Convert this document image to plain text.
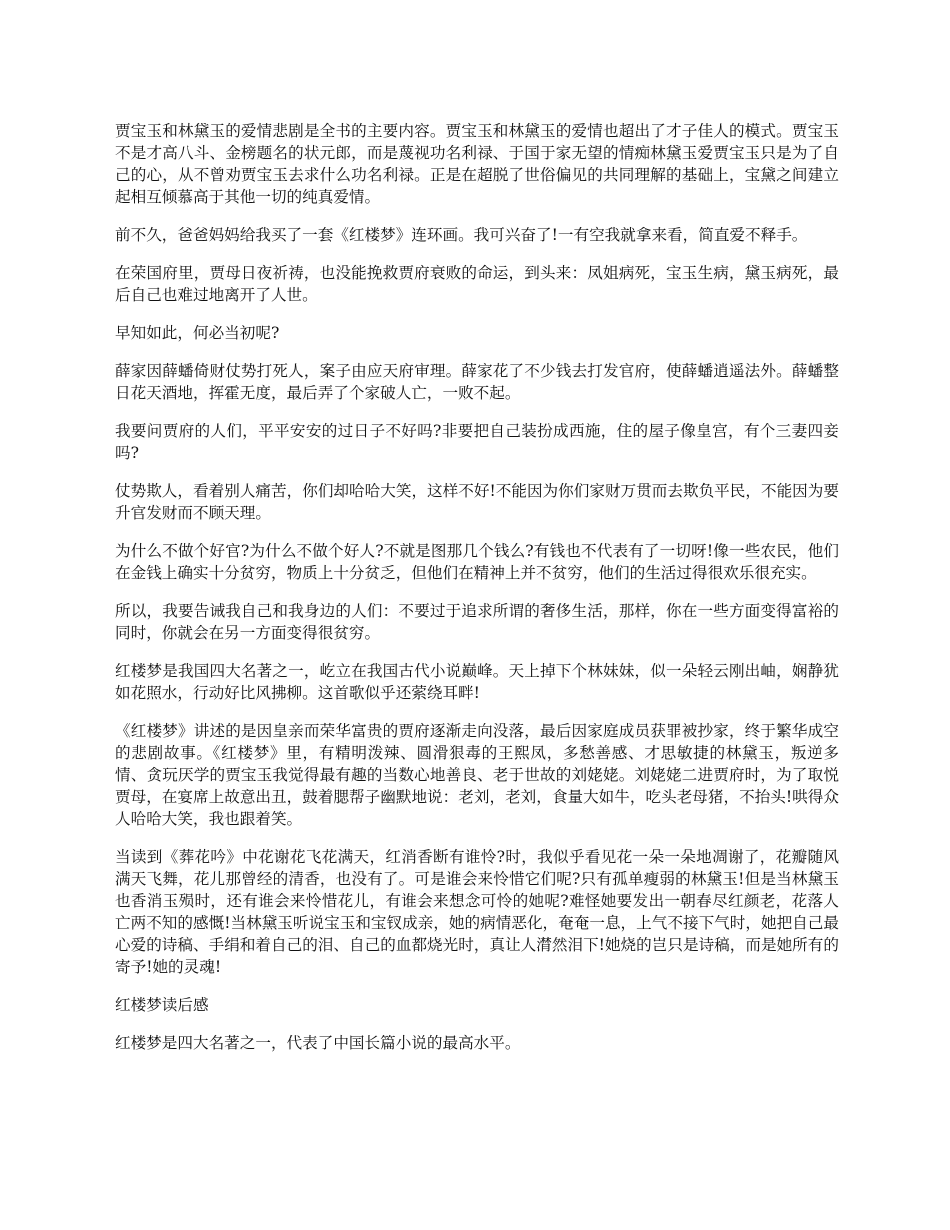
贾宝玉和林黛玉的爱情悲剧是全书的主要内容。贾宝玉和林黛玉的爱情也超出了才子佳人的模式。贾宝玉不是才高八斗、金榜题名的状元郎，而是蔑视功名利禄、于国于家无望的情痴林黛玉爱贾宝玉只是为了自己的心，从不曾劝贾宝玉去求什么功名利禄。正是在超脱了世俗偏见的共同理解的基础上，宝黛之间建立起相互倾慕高于其他一切的纯真爱情。

前不久，爸爸妈妈给我买了一套《红楼梦》连环画。我可兴奋了!一有空我就拿来看，简直爱不释手。

在荣国府里，贾母日夜祈祷，也没能挽救贾府衰败的命运，到头来：凤姐病死，宝玉生病，黛玉病死，最后自己也难过地离开了人世。

早知如此，何必当初呢?

薛家因薛蟠倚财仗势打死人，案子由应天府审理。薛家花了不少钱去打发官府，使薛蟠逍遥法外。薛蟠整日花天酒地，挥霍无度，最后弄了个家破人亡，一败不起。

我要问贾府的人们，平平安安的过日子不好吗?非要把自己装扮成西施，住的屋子像皇宫，有个三妻四妾吗?

仗势欺人，看着别人痛苦，你们却哈哈大笑，这样不好!不能因为你们家财万贯而去欺负平民，不能因为要升官发财而不顾天理。

为什么不做个好官?为什么不做个好人?不就是图那几个钱么?有钱也不代表有了一切呀!像一些农民，他们在金钱上确实十分贫穷，物质上十分贫乏，但他们在精神上并不贫穷，他们的生活过得很欢乐很充实。

所以，我要告诫我自己和我身边的人们：不要过于追求所谓的奢侈生活，那样，你在一些方面变得富裕的同时，你就会在另一方面变得很贫穷。

红楼梦是我国四大名著之一，屹立在我国古代小说巅峰。天上掉下个林妹妹，似一朵轻云刚出岫，娴静犹如花照水，行动好比风拂柳。这首歌似乎还萦绕耳畔!

《红楼梦》讲述的是因皇亲而荣华富贵的贾府逐渐走向没落，最后因家庭成员获罪被抄家，终于繁华成空的悲剧故事。《红楼梦》里，有精明泼辣、圆滑狠毒的王熙凤，多愁善感、才思敏捷的林黛玉，叛逆多情、贪玩厌学的贾宝玉我觉得最有趣的当数心地善良、老于世故的刘姥姥。刘姥姥二进贾府时，为了取悦贾母，在宴席上故意出丑，鼓着腮帮子幽默地说：老刘，老刘，食量大如牛，吃头老母猪，不抬头!哄得众人哈哈大笑，我也跟着笑。

当读到《葬花吟》中花谢花飞花满天，红消香断有谁怜?时，我似乎看见花一朵一朵地凋谢了，花瓣随风满天飞舞，花儿那曾经的清香，也没有了。可是谁会来怜惜它们呢?只有孤单瘦弱的林黛玉!但是当林黛玉也香消玉殒时，还有谁会来怜惜花儿，有谁会来想念可怜的她呢?难怪她要发出一朝春尽红颜老，花落人亡两不知的感慨!当林黛玉听说宝玉和宝钗成亲，她的病情恶化，奄奄一息，上气不接下气时，她把自己最心爱的诗稿、手绢和着自己的泪、自己的血都烧光时，真让人潸然泪下!她烧的岂只是诗稿，而是她所有的寄予!她的灵魂!

红楼梦读后感

红楼梦是四大名著之一，代表了中国长篇小说的最高水平。
